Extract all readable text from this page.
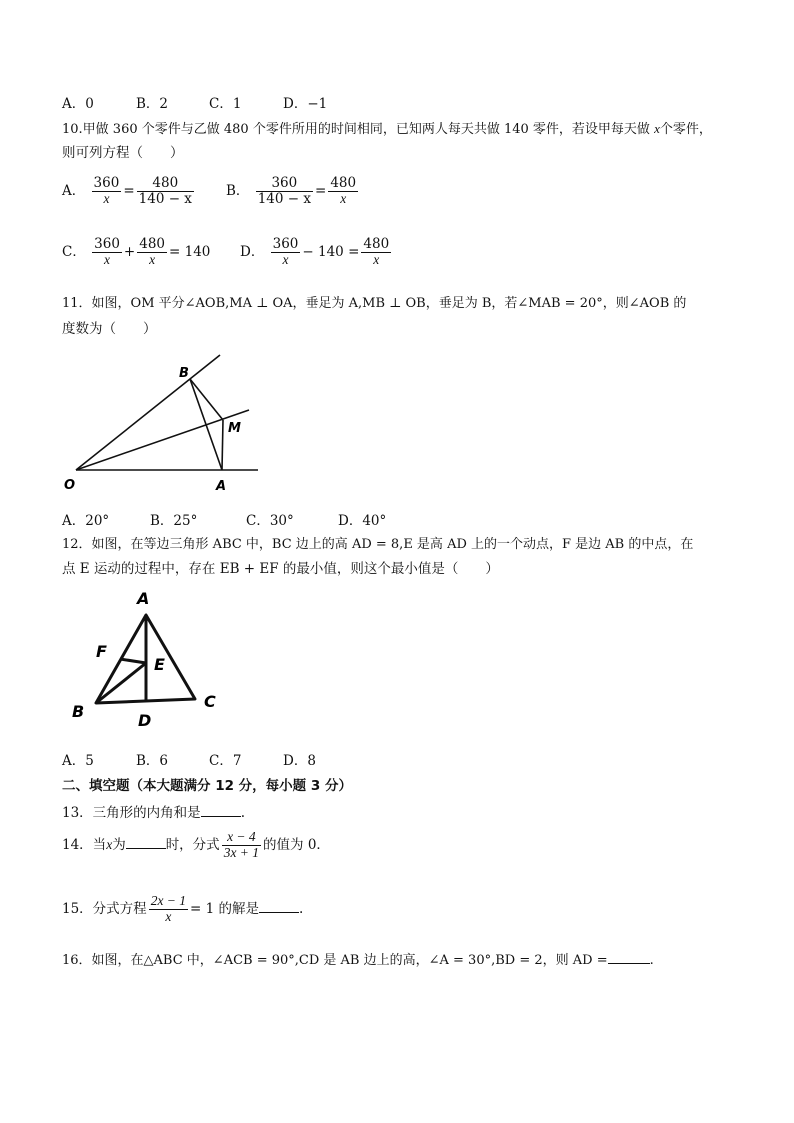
A．0	B．2	C．1	D．−1
10.甲做 360 个零件与乙做 480 个零件所用的时间相同，已知两人每天共做 140 零件，若设甲每天做 x个零件，
则可列方程（　　）
A． $\frac{360}{x} = \frac{480}{140 - x}$ B． $\frac{360}{140 - x} = \frac{480}{x}$
C． $\frac{360}{x} + \frac{480}{x} = 140$ D． $\frac{360}{x} - 140 = \frac{480}{x}$
11．如图，OM 平分∠AOB,MA ⊥ OA，垂足为 A,MB ⊥ OB，垂足为 B，若∠MAB = 20°，则∠AOB 的
度数为（　　）
B
M
O	A
A．20°	B．25°	C．30°	D．40°
12．如图，在等边三角形 ABC 中，BC 边上的高 AD = 8,E 是高 AD 上的一个动点，F 是边 AB 的中点，在
点 E 运动的过程中，存在 EB + EF 的最小值，则这个最小值是（　　）
A
F
E
B	D
C
A．5	B．6	C．7	D．8
二、填空题（本大题满分 12 分，每小题 3 分）
13．三角形的内角和是	.
14．当x为	时，分式 $\frac{x - 4}{3x + 1}$ 的值为 0．
15．分式方程 $\frac{2x - 1}{x} = 1$ 的解是	.
16．如图，在△ABC 中，∠ACB = 90°,CD 是 AB 边上的高，∠A = 30°,BD = 2，则 AD =	.
